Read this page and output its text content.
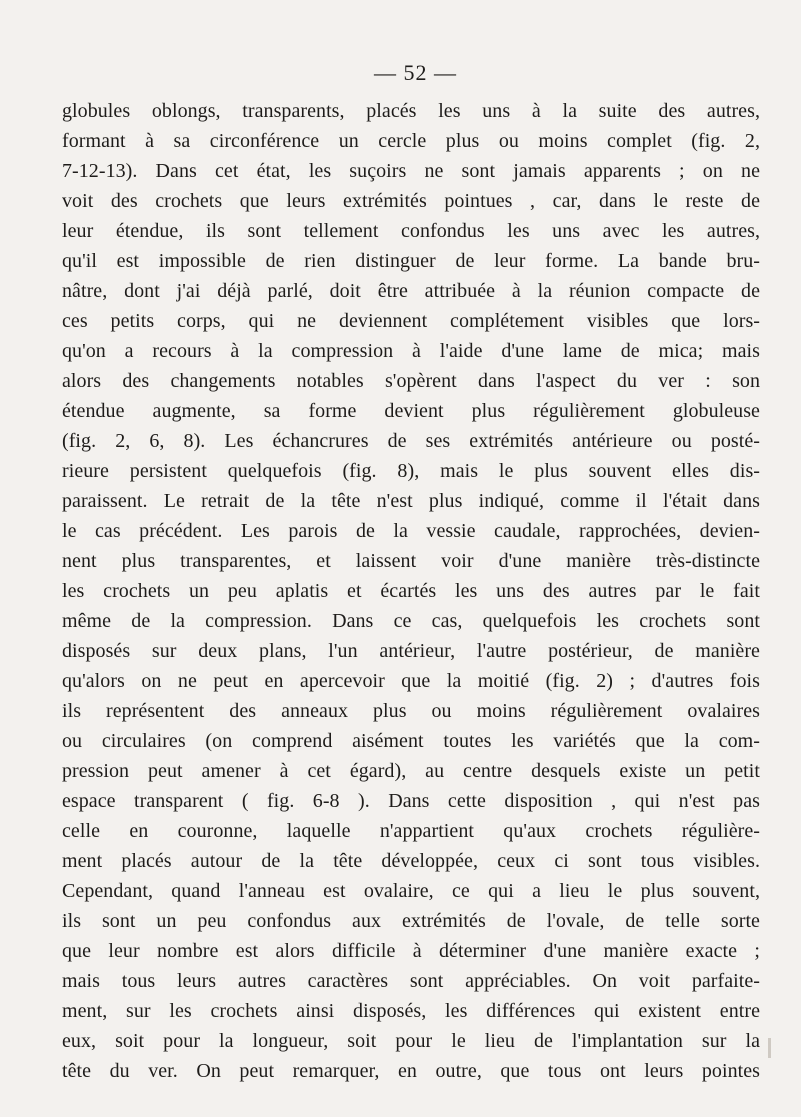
— 52 —
globules oblongs, transparents, placés les uns à la suite des autres,
formant à sa circonférence un cercle plus ou moins complet (fig. 2,
7-12-13). Dans cet état, les suçoirs ne sont jamais apparents ; on ne
voit des crochets que leurs extrémités pointues , car, dans le reste de
leur étendue, ils sont tellement confondus les uns avec les autres,
qu'il est impossible de rien distinguer de leur forme. La bande bru-
nâtre, dont j'ai déjà parlé, doit être attribuée à la réunion compacte de
ces petits corps, qui ne deviennent complétement visibles que lors-
qu'on a recours à la compression à l'aide d'une lame de mica; mais
alors des changements notables s'opèrent dans l'aspect du ver : son
étendue augmente, sa forme devient plus régulièrement globuleuse
(fig. 2, 6, 8). Les échancrures de ses extrémités antérieure ou posté-
rieure persistent quelquefois (fig. 8), mais le plus souvent elles dis-
paraissent. Le retrait de la tête n'est plus indiqué, comme il l'était dans
le cas précédent. Les parois de la vessie caudale, rapprochées, devien-
nent plus transparentes, et laissent voir d'une manière très-distincte
les crochets un peu aplatis et écartés les uns des autres par le fait
même de la compression. Dans ce cas, quelquefois les crochets sont
disposés sur deux plans, l'un antérieur, l'autre postérieur, de manière
qu'alors on ne peut en apercevoir que la moitié (fig. 2) ; d'autres fois
ils représentent des anneaux plus ou moins régulièrement ovalaires
ou circulaires (on comprend aisément toutes les variétés que la com-
pression peut amener à cet égard), au centre desquels existe un petit
espace transparent ( fig. 6-8 ). Dans cette disposition , qui n'est pas
celle en couronne, laquelle n'appartient qu'aux crochets régulière-
ment placés autour de la tête développée, ceux ci sont tous visibles.
Cependant, quand l'anneau est ovalaire, ce qui a lieu le plus souvent,
ils sont un peu confondus aux extrémités de l'ovale, de telle sorte
que leur nombre est alors difficile à déterminer d'une manière exacte ;
mais tous leurs autres caractères sont appréciables. On voit parfaite-
ment, sur les crochets ainsi disposés, les différences qui existent entre
eux, soit pour la longueur, soit pour le lieu de l'implantation sur la
tête du ver. On peut remarquer, en outre, que tous ont leurs pointes
